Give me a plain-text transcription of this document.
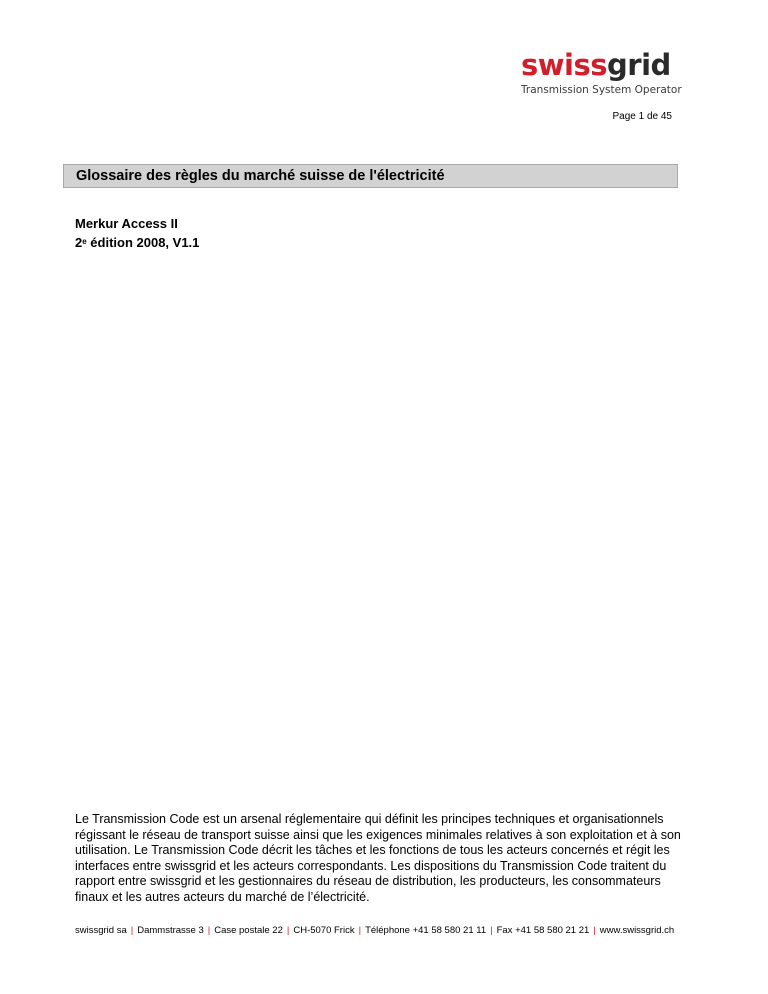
swissgrid
Transmission System Operator
Page 1 de 45
Glossaire des règles du marché suisse de l'électricité
Merkur Access II
2e édition 2008, V1.1
Le Transmission Code est un arsenal réglementaire qui définit les principes techniques et organisationnels régissant le réseau de transport suisse ainsi que les exigences minimales relatives à son exploitation et à son utilisation. Le Transmission Code décrit les tâches et les fonctions de tous les acteurs concernés et régit les interfaces entre swissgrid et les acteurs correspondants. Les dispositions du Transmission Code traitent du rapport entre swissgrid et les gestionnaires du réseau de distribution, les producteurs, les consommateurs finaux et les autres acteurs du marché de l’électricité.
swissgrid sa | Dammstrasse 3 | Case postale 22 | CH-5070 Frick | Téléphone +41 58 580 21 11 | Fax +41 58 580 21 21 | www.swissgrid.ch
